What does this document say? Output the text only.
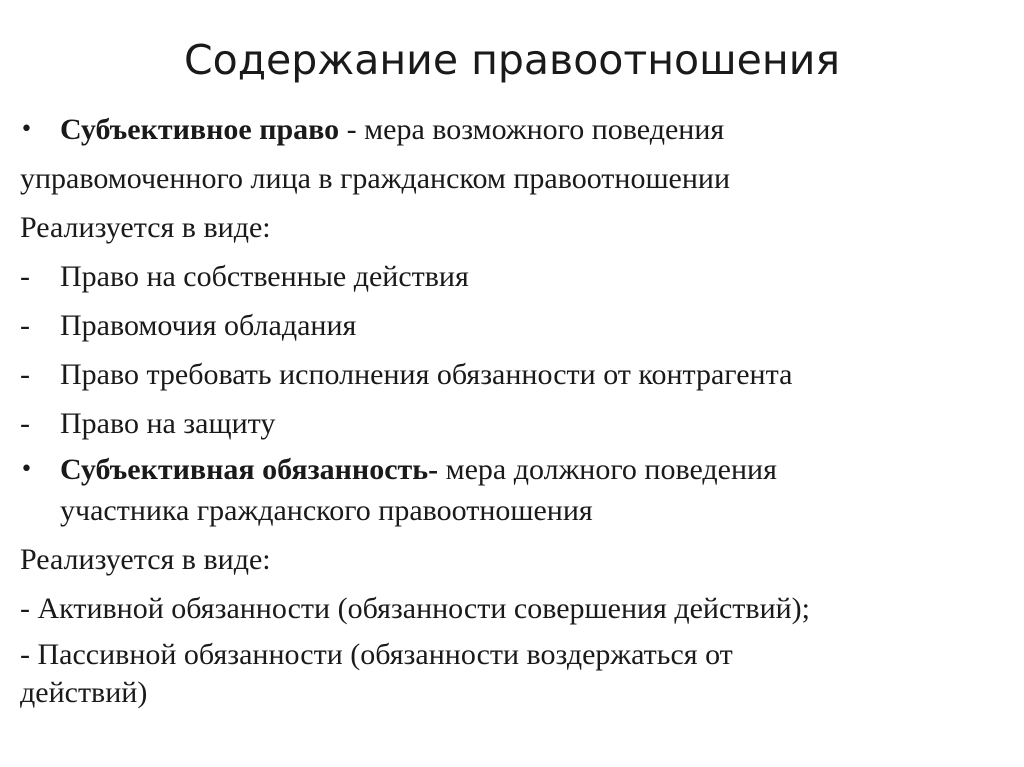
Содержание правоотношения
• Субъективное право - мера возможного поведения
управомоченного лица в гражданском правоотношении
Реализуется в виде:
-	Право на собственные действия
-	Правомочия обладания
-	Право требовать исполнения обязанности от контрагента
-	Право на защиту
• Субъективная обязанность- мера должного поведения
участника гражданского правоотношения
Реализуется в виде:
- Активной обязанности (обязанности совершения действий);
- Пассивной обязанности (обязанности воздержаться от
действий)
